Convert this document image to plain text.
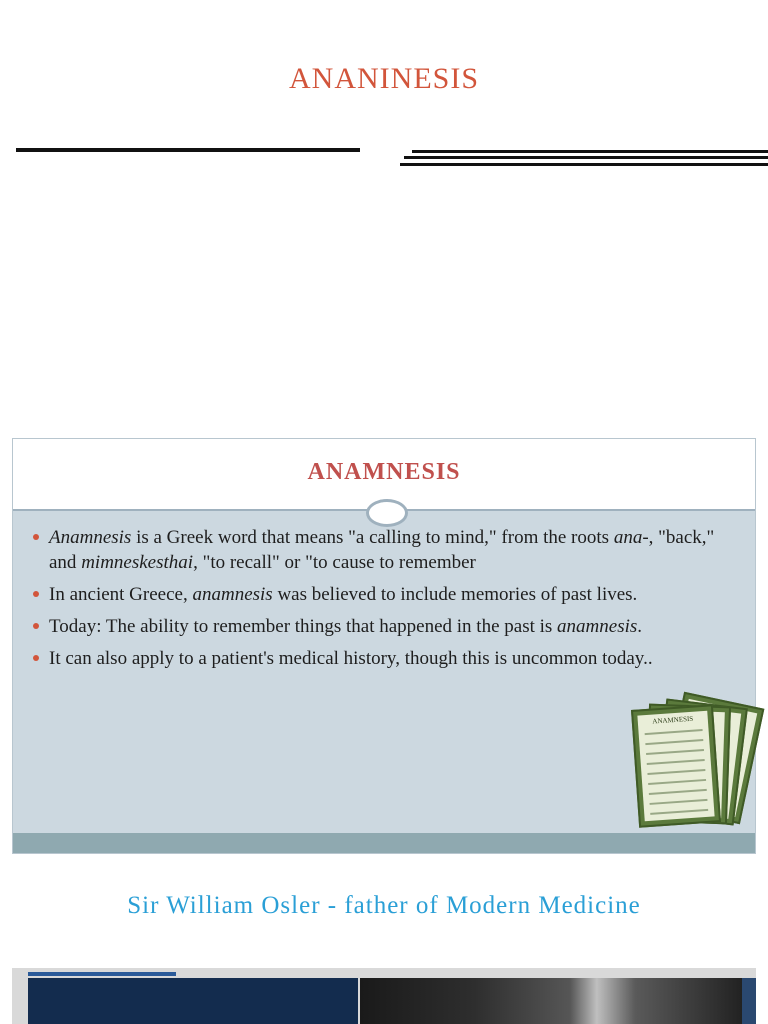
ANANINESIS
ANAMNESIS
Anamnesis is a Greek word that means "a calling to mind," from the roots ana-, "back," and mimneskesthai, "to recall" or "to cause to remember
In ancient Greece, anamnesis was believed to include memories of past lives.
Today: The ability to remember things that happened in the past is anamnesis.
It can also apply to a patient's medical history, though this is uncommon today..
ANAMNESIS
Sir William Osler - father of Modern Medicine
